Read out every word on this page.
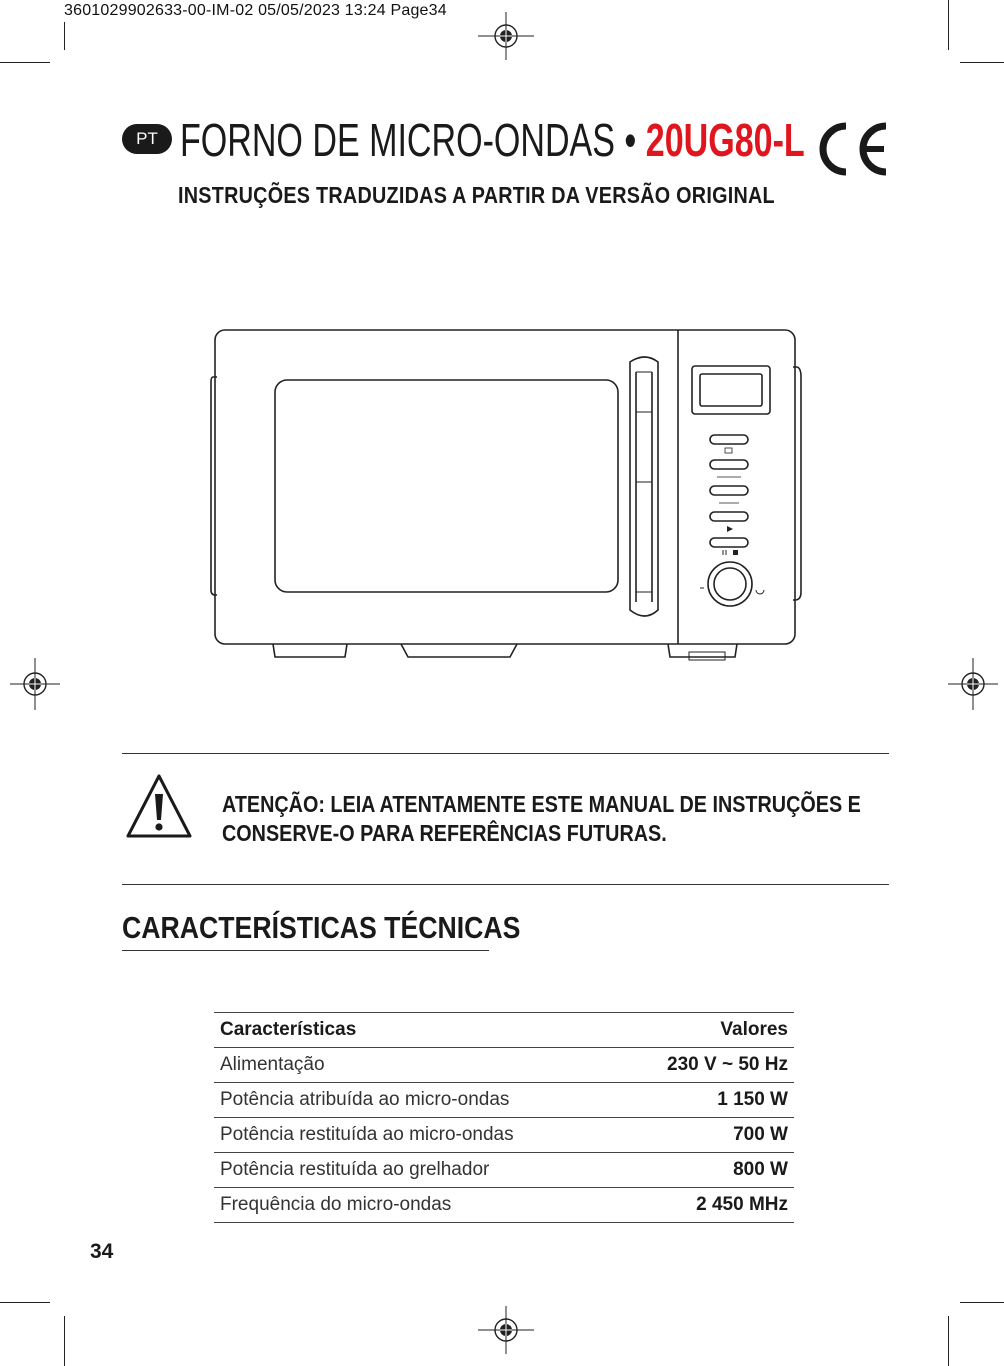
3601029902633-00-IM-02 05/05/2023 13:24 Page34
PT FORNO DE MICRO-ONDAS • 20UG80-L
INSTRUÇÕES TRADUZIDAS A PARTIR DA VERSÃO ORIGINAL
ATENÇÃO: LEIA ATENTAMENTE ESTE MANUAL DE INSTRUÇÕES E
CONSERVE-O PARA REFERÊNCIAS FUTURAS.
CARACTERÍSTICAS TÉCNICAS
Características	Valores
Alimentação	230 V ~ 50 Hz
Potência atribuída ao micro-ondas	1 150 W
Potência restituída ao micro-ondas	700 W
Potência restituída ao grelhador	800 W
Frequência do micro-ondas	2 450 MHz
34
